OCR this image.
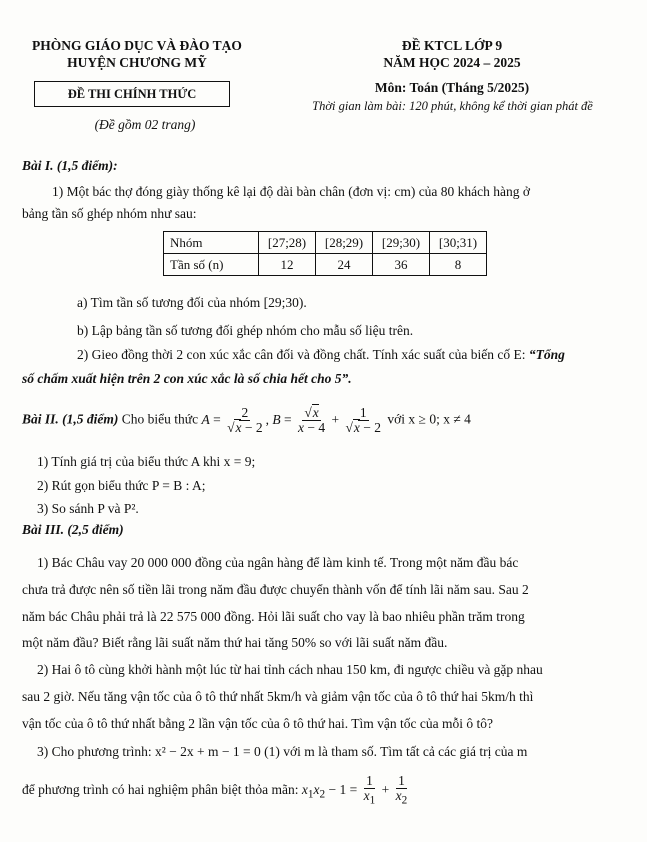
PHÒNG GIÁO DỤC VÀ ĐÀO TẠO
HUYỆN CHƯƠNG MỸ
ĐỀ THI CHÍNH THỨC
(Đề gồm 02 trang)
ĐỀ KTCL LỚP 9
NĂM HỌC 2024 – 2025
Môn: Toán (Tháng 5/2025)
Thời gian làm bài: 120 phút, không kể thời gian phát đề
Bài I. (1,5 điểm):
1) Một bác thợ đóng giày thống kê lại độ dài bàn chân (đơn vị: cm) của 80 khách hàng ở
bảng tần số ghép nhóm như sau:
Nhóm	[27;28)	[28;29)	[29;30)	[30;31)
Tần số (n)	12	24	36	8
a) Tìm tần số tương đối của nhóm [29;30).
b) Lập bảng tần số tương đối ghép nhóm cho mẫu số liệu trên.
2) Gieo đồng thời 2 con xúc xắc cân đối và đồng chất. Tính xác suất của biến cố E: “Tổng
số chấm xuất hiện trên 2 con xúc xắc là số chia hết cho 5”.
Bài II. (1,5 điểm) Cho biểu thức $A = \frac{2}{√x - 2}$ , $B = \frac{√x}{x - 4} + \frac{1}{√x - 2}$ với x ≥ 0; x ≠ 4
1) Tính giá trị của biểu thức A khi x = 9;
2) Rút gọn biểu thức P = B : A;
3) So sánh P và P².
Bài III. (2,5 điểm)
1) Bác Châu vay 20 000 000 đồng của ngân hàng để làm kinh tế. Trong một năm đầu bác
chưa trả được nên số tiền lãi trong năm đầu được chuyển thành vốn để tính lãi năm sau. Sau 2
năm bác Châu phải trả là 22 575 000 đồng. Hỏi lãi suất cho vay là bao nhiêu phần trăm trong
một năm đầu? Biết rằng lãi suất năm thứ hai tăng 50% so với lãi suất năm đầu.
2) Hai ô tô cùng khởi hành một lúc từ hai tỉnh cách nhau 150 km, đi ngược chiều và gặp nhau
sau 2 giờ. Nếu tăng vận tốc của ô tô thứ nhất 5km/h và giảm vận tốc của ô tô thứ hai 5km/h thì
vận tốc của ô tô thứ nhất bằng 2 lần vận tốc của ô tô thứ hai. Tìm vận tốc của mỗi ô tô?
3) Cho phương trình: x² − 2x + m − 1 = 0 (1) với m là tham số. Tìm tất cả các giá trị của m
để phương trình có hai nghiệm phân biệt thỏa mãn: $x_1x_2 - 1 = \frac{1}{x_1} + \frac{1}{x_2}$
